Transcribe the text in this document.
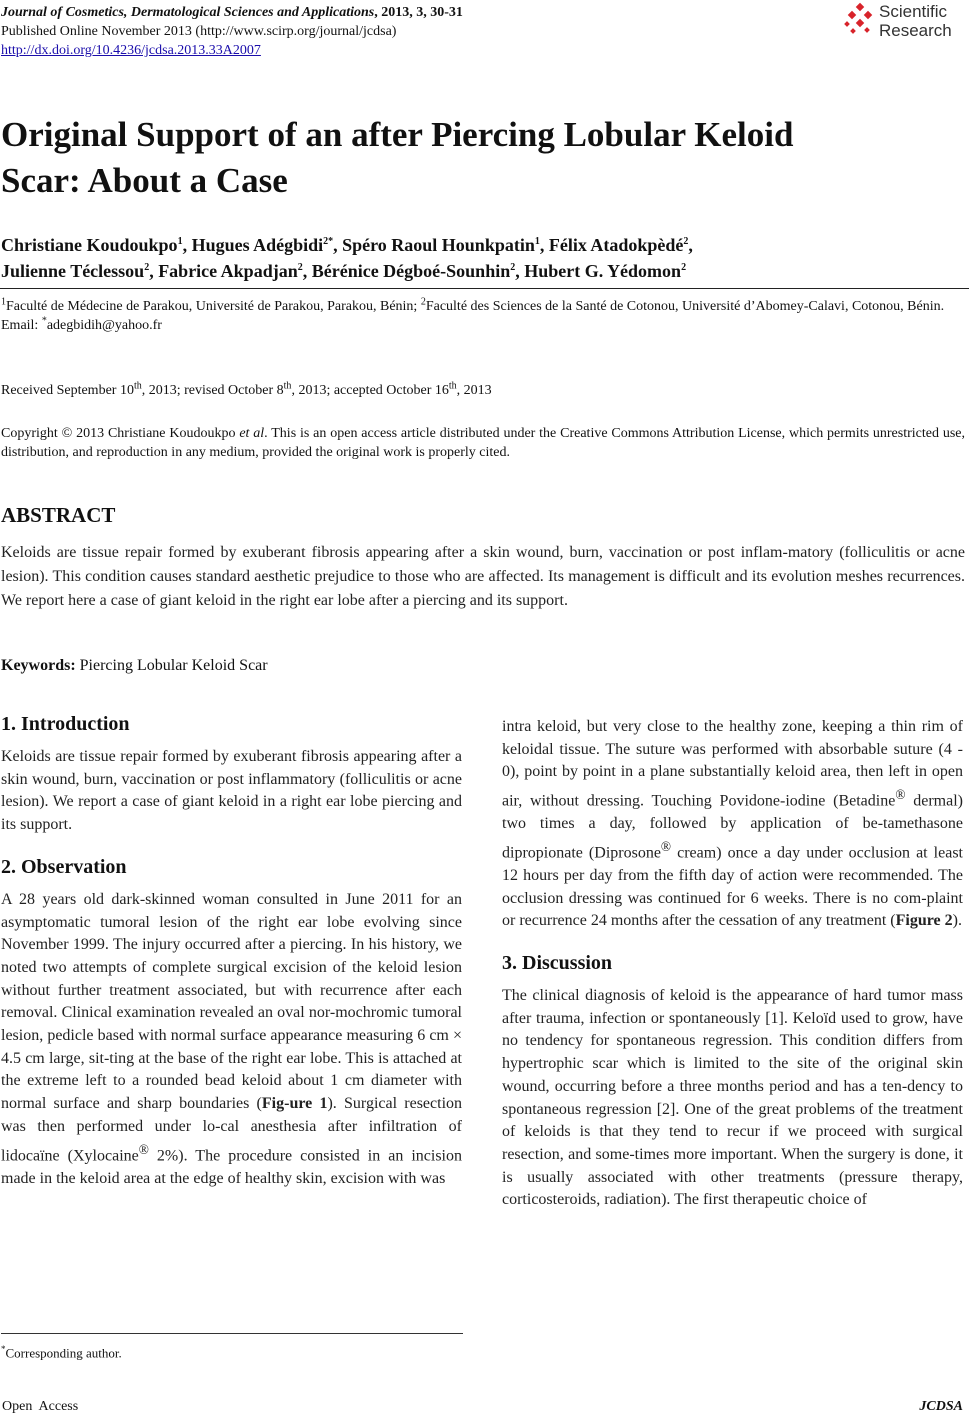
Journal of Cosmetics, Dermatological Sciences and Applications, 2013, 3, 30-31
Published Online November 2013 (http://www.scirp.org/journal/jcdsa)
http://dx.doi.org/10.4236/jcdsa.2013.33A2007
Scientific
Research
Original Support of an after Piercing Lobular Keloid
Scar: About a Case
Christiane Koudoukpo$^1$, Hugues Adégbidi$^{2*}$, Spéro Raoul Hounkpatin$^1$, Félix Atadokpèdé$^2$,
Julienne Téclessou$^2$, Fabrice Akpadjan$^2$, Bérénice Dégboé-Sounhin$^2$, Hubert G. Yédomon$^2$
$^1$Faculté de Médecine de Parakou, Université de Parakou, Parakou, Bénin; $^2$Faculté des Sciences de la Santé de Cotonou, Université d’Abomey-Calavi, Cotonou, Bénin.
Email: *adegbidih@yahoo.fr
Received September 10th, 2013; revised October 8th, 2013; accepted October 16th, 2013
Copyright © 2013 Christiane Koudoukpo et al. This is an open access article distributed under the Creative Commons Attribution License, which permits unrestricted use, distribution, and reproduction in any medium, provided the original work is properly cited.
ABSTRACT
Keloids are tissue repair formed by exuberant fibrosis appearing after a skin wound, burn, vaccination or post inflam-matory (folliculitis or acne lesion). This condition causes standard aesthetic prejudice to those who are affected. Its management is difficult and its evolution meshes recurrences. We report here a case of giant keloid in the right ear lobe after a piercing and its support.
Keywords: Piercing Lobular Keloid Scar
1. Introduction

Keloids are tissue repair formed by exuberant fibrosis appearing after a skin wound, burn, vaccination or post inflammatory (folliculitis or acne lesion). We report a case of giant keloid in a right ear lobe piercing and its support.

2. Observation

A 28 years old dark-skinned woman consulted in June 2011 for an asymptomatic tumoral lesion of the right ear lobe evolving since November 1999. The injury occurred after a piercing. In his history, we noted two attempts of complete surgical excision of the keloid lesion without further treatment associated, but with recurrence after each removal. Clinical examination revealed an oval nor-mochromic tumoral lesion, pedicle based with normal surface appearance measuring 6 cm × 4.5 cm large, sit-ting at the base of the right ear lobe. This is attached at the extreme left to a rounded bead keloid about 1 cm diameter with normal surface and sharp boundaries (Fig-ure 1). Surgical resection was then performed under lo-cal anesthesia after infiltration of lidocaïne (Xylocaine® 2%). The procedure consisted in an incision made in the keloid area at the edge of healthy skin, excision with was

intra keloid, but very close to the healthy zone, keeping a thin rim of keloidal tissue. The suture was performed with absorbable suture (4 - 0), point by point in a plane substantially keloid area, then left in open air, without dressing. Touching Povidone-iodine (Betadine® dermal) two times a day, followed by application of be-tamethasone dipropionate (Diprosone® cream) once a day under occlusion at least 12 hours per day from the fifth day of action were recommended. The occlusion dressing was continued for 6 weeks. There is no com-plaint or recurrence 24 months after the cessation of any treatment (Figure 2).

3. Discussion

The clinical diagnosis of keloid is the appearance of hard tumor mass after trauma, infection or spontaneously [1]. Keloïd used to grow, have no tendency for spontaneous regression. This condition differs from hypertrophic scar which is limited to the site of the original skin wound, occurring before a three months period and has a ten-dency to spontaneous regression [2]. One of the great problems of the treatment of keloids is that they tend to recur if we proceed with surgical resection, and some-times more important. When the surgery is done, it is usually associated with other treatments (pressure therapy, corticosteroids, radiation). The first therapeutic choice of

*Corresponding author.
Open  Access	JCDSA
